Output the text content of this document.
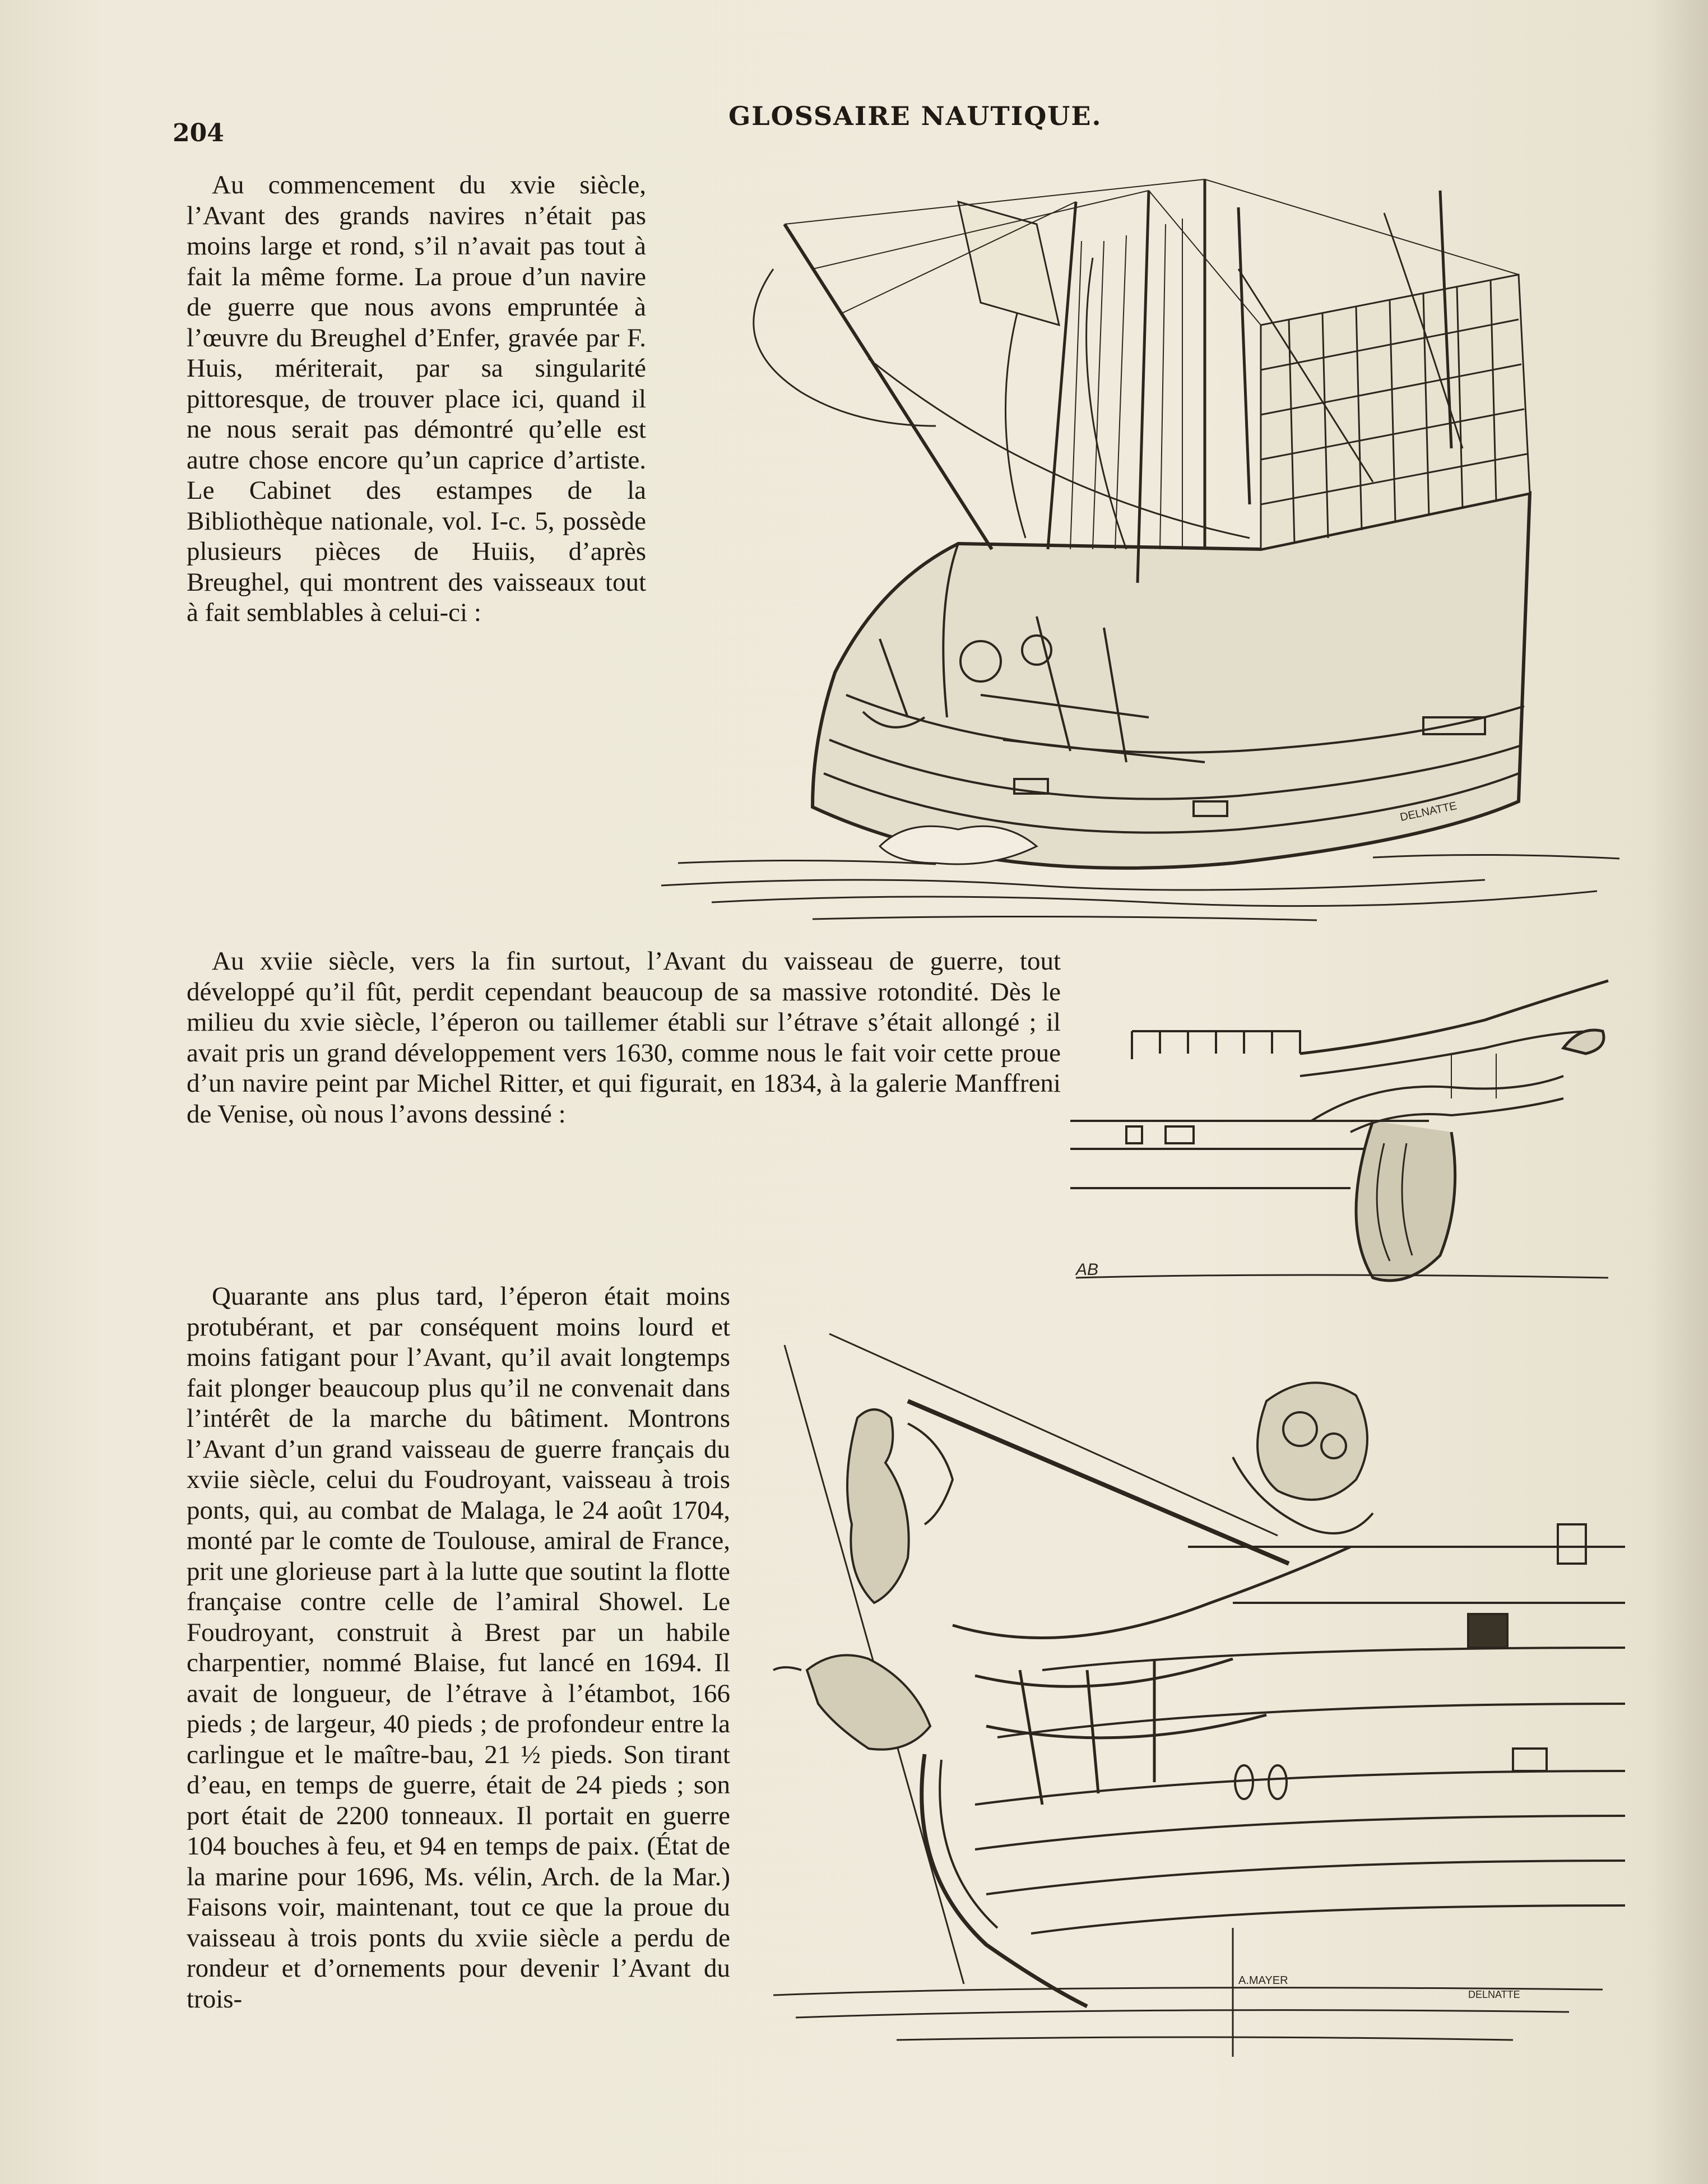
204
GLOSSAIRE NAUTIQUE.

Au commencement du xvie siècle, l’Avant des grands navires n’était pas moins large et rond, s’il n’avait pas tout à fait la même forme. La proue d’un navire de guerre que nous avons empruntée à l’œuvre du Breughel d’Enfer, gravée par F. Huis, mériterait, par sa singularité pittoresque, de trouver place ici, quand il ne nous serait pas démontré qu’elle est autre chose encore qu’un caprice d’artiste. Le Cabinet des estampes de la Bibliothèque nationale, vol. I-c. 5, possède plusieurs pièces de Huiis, d’après Breughel, qui montrent des vaisseaux tout à fait semblables à celui-ci :

DELNATTE

Au xviie siècle, vers la fin surtout, l’Avant du vaisseau de guerre, tout développé qu’il fût, perdit cependant beaucoup de sa massive rotondité. Dès le milieu du xvie siècle, l’éperon ou taillemer établi sur l’étrave s’était allongé ; il avait pris un grand développement vers 1630, comme nous le fait voir cette proue d’un navire peint par Michel Ritter, et qui figurait, en 1834, à la galerie Manffreni de Venise, où nous l’avons dessiné :

AB

Quarante ans plus tard, l’éperon était moins protubérant, et par conséquent moins lourd et moins fatigant pour l’Avant, qu’il avait longtemps fait plonger beaucoup plus qu’il ne convenait dans l’intérêt de la marche du bâtiment. Montrons l’Avant d’un grand vaisseau de guerre français du xviie siècle, celui du Foudroyant, vaisseau à trois ponts, qui, au combat de Malaga, le 24 août 1704, monté par le comte de Toulouse, amiral de France, prit une glorieuse part à la lutte que soutint la flotte française contre celle de l’amiral Showel. Le Foudroyant, construit à Brest par un habile charpentier, nommé Blaise, fut lancé en 1694. Il avait de longueur, de l’étrave à l’étambot, 166 pieds ; de largeur, 40 pieds ; de profondeur entre la carlingue et le maître-bau, 21 ½ pieds. Son tirant d’eau, en temps de guerre, était de 24 pieds ; son port était de 2200 tonneaux. Il portait en guerre 104 bouches à feu, et 94 en temps de paix. (État de la marine pour 1696, Ms. vélin, Arch. de la Mar.) Faisons voir, maintenant, tout ce que la proue du vaisseau à trois ponts du xviie siècle a perdu de rondeur et d’ornements pour devenir l’Avant du trois-

A.MAYER
DELNATTE
